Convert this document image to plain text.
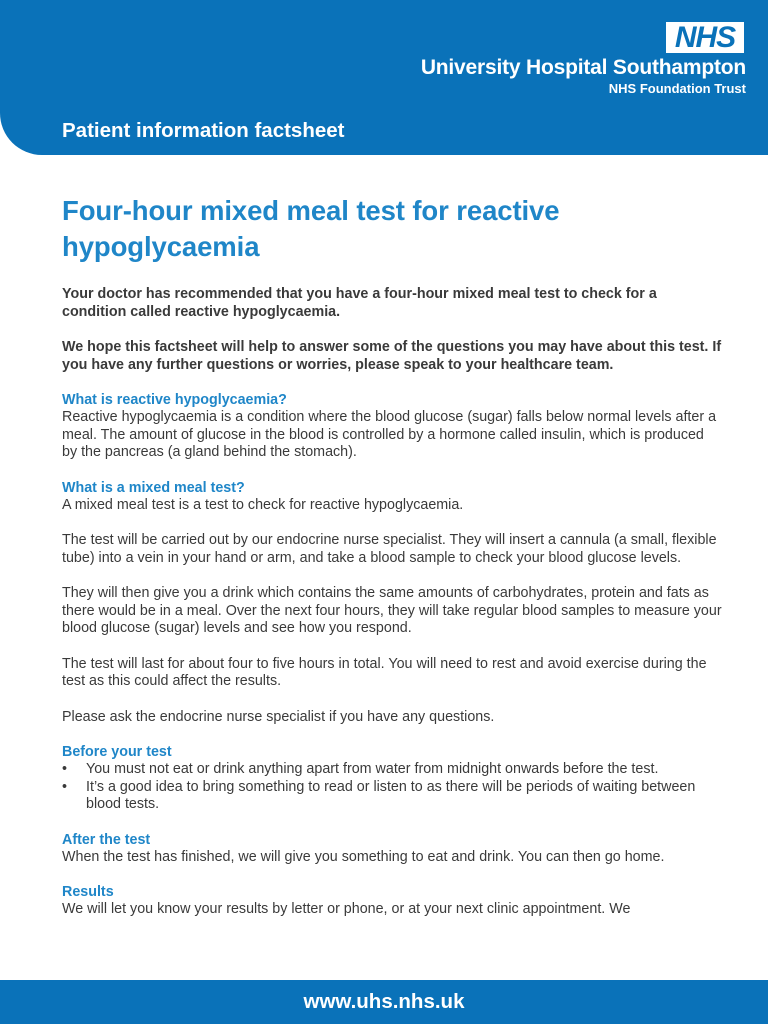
NHS
University Hospital Southampton
NHS Foundation Trust
Patient information factsheet
Four-hour mixed meal test for reactive hypoglycaemia

Your doctor has recommended that you have a four-hour mixed meal test to check for a condition called reactive hypoglycaemia.

We hope this factsheet will help to answer some of the questions you may have about this test. If you have any further questions or worries, please speak to your healthcare team.

What is reactive hypoglycaemia?

Reactive hypoglycaemia is a condition where the blood glucose (sugar) falls below normal levels after a meal. The amount of glucose in the blood is controlled by a hormone called insulin, which is produced by the pancreas (a gland behind the stomach).

What is a mixed meal test?

A mixed meal test is a test to check for reactive hypoglycaemia.

The test will be carried out by our endocrine nurse specialist. They will insert a cannula (a small, flexible tube) into a vein in your hand or arm, and take a blood sample to check your blood glucose levels.

They will then give you a drink which contains the same amounts of carbohydrates, protein and fats as there would be in a meal. Over the next four hours, they will take regular blood samples to measure your blood glucose (sugar) levels and see how you respond.

The test will last for about four to five hours in total. You will need to rest and avoid exercise during the test as this could affect the results.

Please ask the endocrine nurse specialist if you have any questions.

Before your test
• You must not eat or drink anything apart from water from midnight onwards before the test.
• It’s a good idea to bring something to read or listen to as there will be periods of waiting between blood tests.
After the test

When the test has finished, we will give you something to eat and drink. You can then go home.

Results

We will let you know your results by letter or phone, or at your next clinic appointment. We

www.uhs.nhs.uk
